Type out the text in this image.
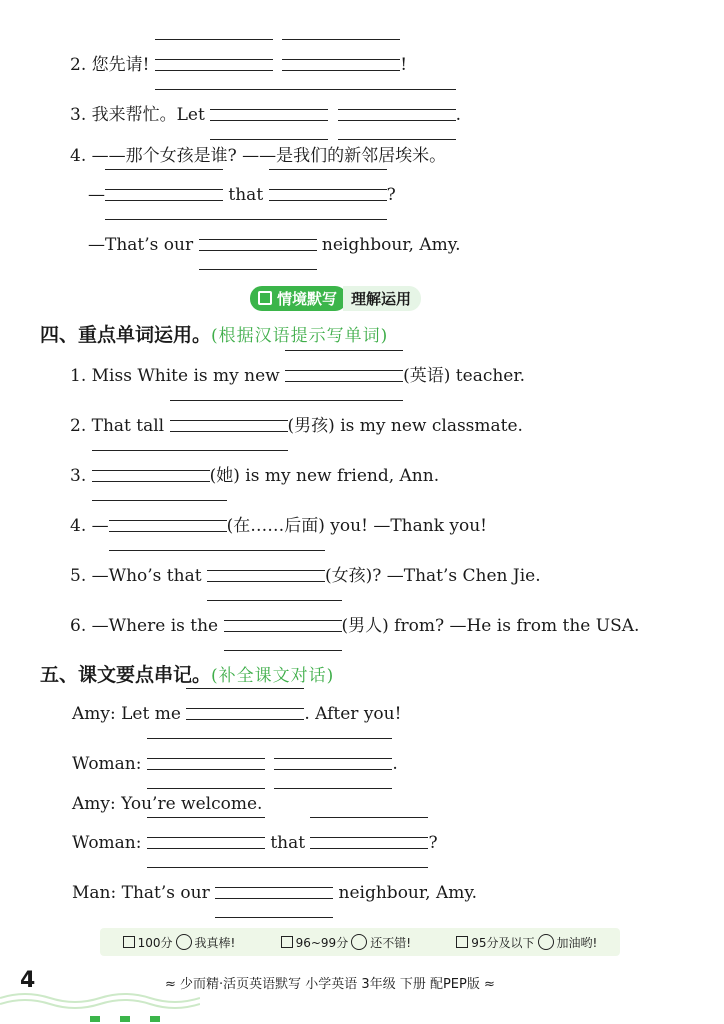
2. 您先请!
	!
3. 我来帮忙。Let
	.
4. ——那个女孩是谁? ——是我们的新邻居埃米。
—	that	?
—That’s our	neighbour, Amy.
情境默写 理解运用
四、重点单词运用。(根据汉语提示写单词)
1. Miss White is my new	(英语) teacher.
2. That tall	(男孩) is my new classmate.
3.	(她) is my new friend, Ann.
4. —	(在……后面) you! —Thank you!
5. —Who’s that	(女孩)? —That’s Chen Jie.
6. —Where is the	(男人) from? —He is from the USA.
五、课文要点串记。(补全课文对话)
Amy: Let me	. After you!
Woman:
	.
Amy: You’re welcome.
Woman:	that	?
Man: That’s our	neighbour, Amy.
100分 我真棒!	96~99分 还不错!	95分及以下 加油哟!
4	≈ 少而精·活页英语默写 小学英语 3年级 下册 配PEP版 ≈
